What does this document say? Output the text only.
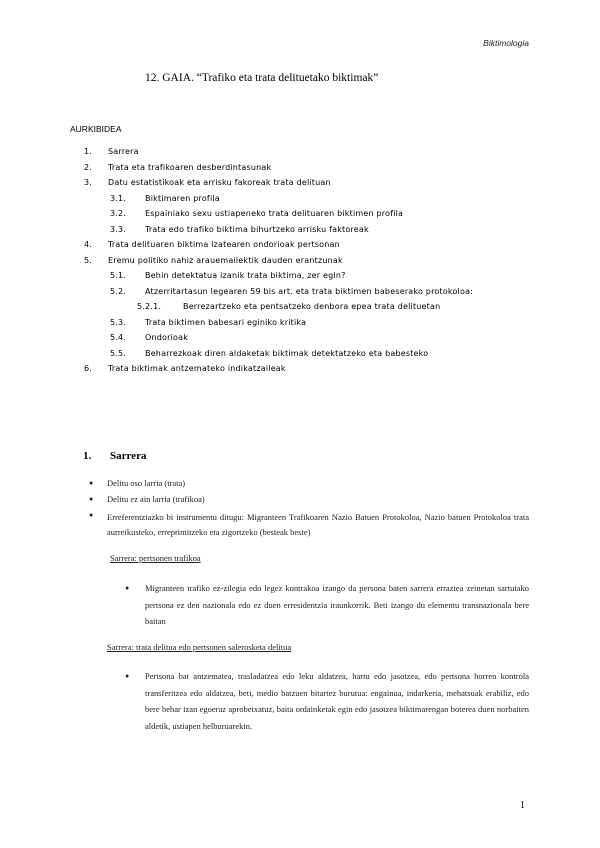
Biktimologia
12. GAIA. “Trafiko eta trata delituetako biktimak”
AURKIBIDEA
1. Sarrera
2. Trata eta trafikoaren desberdintasunak
3. Datu estatistikoak eta arrisku fakoreak trata delituan
3.1. Biktimaren profila
3.2. Espainiako sexu ustiapeneko trata delituaren biktimen profila
3.3. Trata edo trafiko biktima bihurtzeko arrisku faktoreak
4. Trata delituaren biktima izatearen ondorioak pertsonan
5. Eremu politiko nahiz arauemailektik dauden erantzunak
5.1. Behin detektatua izanik trata biktima, zer egin?
5.2. Atzerritartasun legearen 59 bis art. eta trata biktimen babeserako protokoloa:
5.2.1.	Berrezartzeko eta pentsatzeko denbora epea trata delituetan
5.3. Trata biktimen babesari eginiko kritika
5.4. Ondorioak
5.5. Beharrezkoak diren aldaketak biktimak detektatzeko eta babesteko
6. Trata biktimak antzemateko indikatzaileak
1. Sarrera
● Delitu oso larria (trata)
● Delitu ez ain larria (trafikoa)
● Erreferentziazko bi instrumentu ditugu: Migranteen Trafikoaren Nazio Batuen Protokoloa, Nazio batuen Protokoloa trata aurreikusteko, erreprimitzeko eta zigortzeko (besteak beste)
Sarrera: pertsonen trafikoa
● Migranteen trafiko ez-zilegia edo legez kontrakoa izango da persona baten sarrera erraztea zeinetan sartutako pertsona ez den nazionala edo ez duen erresidentzia iraunkorrik. Beti izango du elementu transnazionala bere baitan
Sarrera: trata delitua edo pertsonen salerosketa delitua
● Pertsona bat antzematea, trasladatzea edo leku aldatzea, hartu edo jasotzea, edo pertsona horren kontrola transferitzea edo aldatzea, beti, medio batzuen bitartez burutua: engainua, indarkeria, mehatsuak erabiliz, edo bere behar izan egoeraz aprobetxatuz, baita ordainketak egin edo jasotzea biktimarengan boterea duen norbaiten aldetik, ustiapen helburuarekin.
1
